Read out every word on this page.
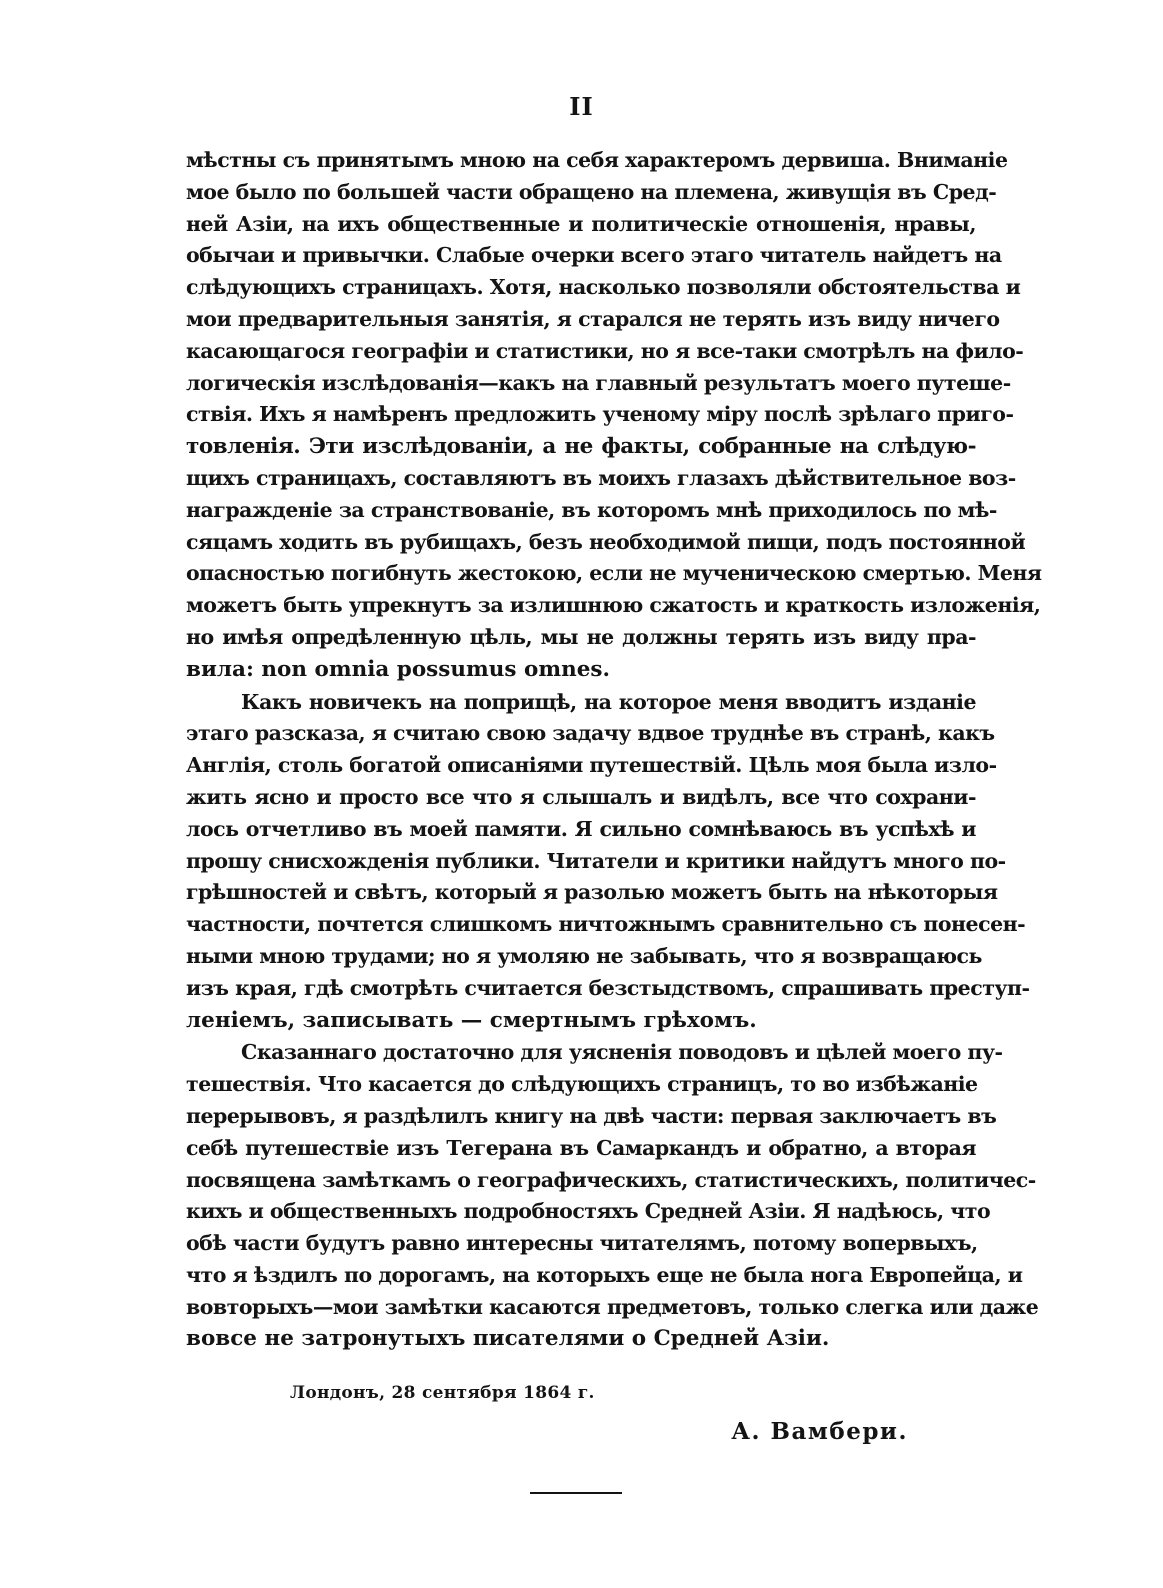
II
мѣстны съ принятымъ мною на себя характеромъ дервиша. Вниманіе
мое было по большей части обращено на племена, живущія въ Сред-
ней Азіи, на ихъ общественные и политическіе отношенія, нравы,
обычаи и привычки. Слабые очерки всего этаго читатель найдетъ на
слѣдующихъ страницахъ. Хотя, насколько позволяли обстоятельства и
мои предварительныя занятія, я старался не терять изъ виду ничего
касающагося географіи и статистики, но я все-таки смотрѣлъ на фило-
логическія изслѣдованія—какъ на главный результатъ моего путеше-
ствія. Ихъ я намѣренъ предложить ученому міру послѣ зрѣлаго приго-
товленія. Эти изслѣдованіи, а не факты, собранные на слѣдую-
щихъ страницахъ, составляютъ въ моихъ глазахъ дѣйствительное воз-
награжденіе за странствованіе, въ которомъ мнѣ приходилось по мѣ-
сяцамъ ходить въ рубищахъ, безъ необходимой пищи, подъ постоянной
опасностью погибнуть жестокою, если не мученическою смертью. Меня
можетъ быть упрекнутъ за излишнюю сжатость и краткость изложенія,
но имѣя опредѣленную цѣль, мы не должны терять изъ виду пра-
вила: non omnia possumus omnes.
Какъ новичекъ на поприщѣ, на которое меня вводитъ изданіе
этаго разсказа, я считаю свою задачу вдвое труднѣе въ странѣ, какъ
Англія, столь богатой описаніями путешествій. Цѣль моя была изло-
жить ясно и просто все что я слышалъ и видѣлъ, все что сохрани-
лось отчетливо въ моей памяти. Я сильно сомнѣваюсь въ успѣхѣ и
прошу снисхожденія публики. Читатели и критики найдутъ много по-
грѣшностей и свѣтъ, который я разолью можетъ быть на нѣкоторыя
частности, почтется слишкомъ ничтожнымъ сравнительно съ понесен-
ными мною трудами; но я умоляю не забывать, что я возвращаюсь
изъ края, гдѣ смотрѣть считается безстыдствомъ, спрашивать преступ-
леніемъ, записывать — смертнымъ грѣхомъ.
Сказаннаго достаточно для уясненія поводовъ и цѣлей моего пу-
тешествія. Что касается до слѣдующихъ страницъ, то во избѣжаніе
перерывовъ, я раздѣлилъ книгу на двѣ части: первая заключаетъ въ
себѣ путешествіе изъ Тегерана въ Самаркандъ и обратно, а вторая
посвящена замѣткамъ о географическихъ, статистическихъ, политичес-
кихъ и общественныхъ подробностяхъ Средней Азіи. Я надѣюсь, что
обѣ части будутъ равно интересны читателямъ, потому вопервыхъ,
что я ѣздилъ по дорогамъ, на которыхъ еще не была нога Европейца, и
вовторыхъ—мои замѣтки касаются предметовъ, только слегка или даже
вовсе не затронутыхъ писателями о Средней Азіи.
Лондонъ, 28 сентября 1864 г.
А. Вамбери.
